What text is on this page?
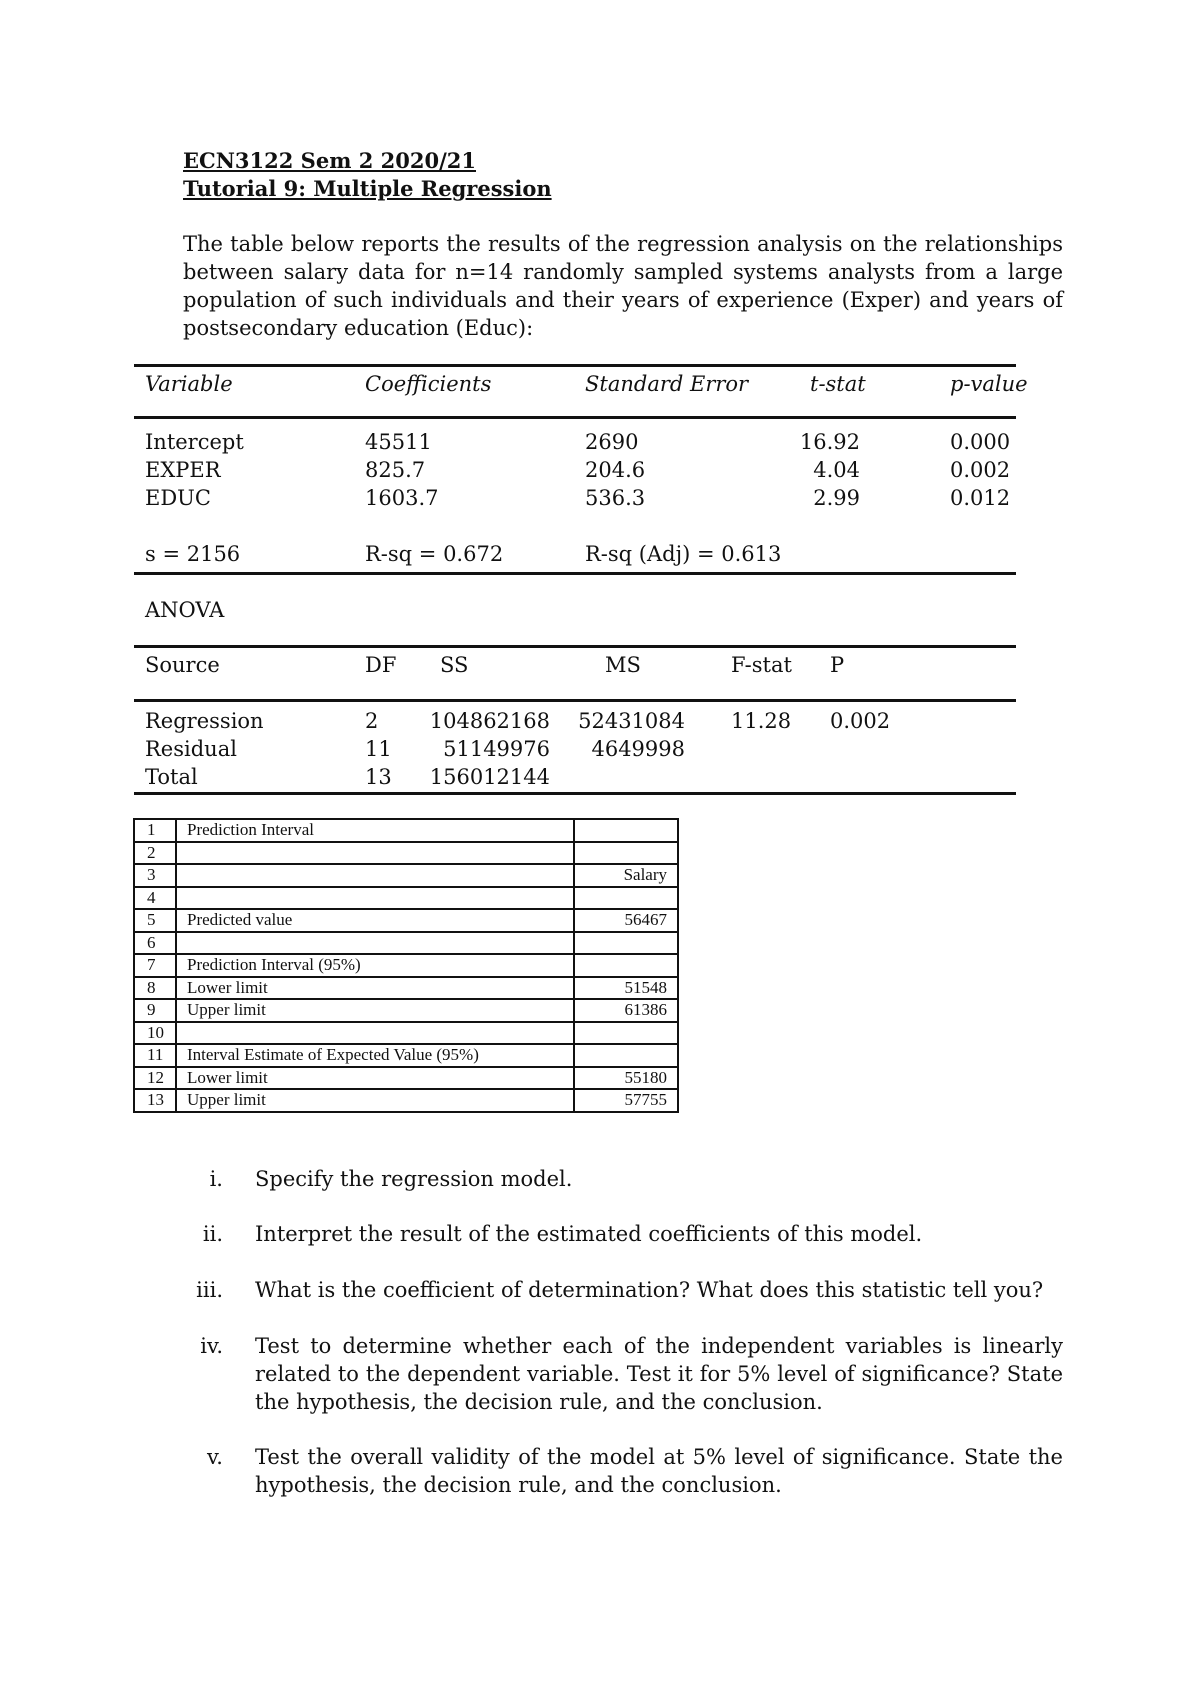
ECN3122 Sem 2 2020/21
Tutorial 9: Multiple Regression
The table below reports the results of the regression analysis on the relationships between salary data for n=14 randomly sampled systems analysts from a large population of such individuals and their years of experience (Exper) and years of postsecondary education (Educ):
Variable	Coefficients	Standard Error	t-stat	p-value
Intercept	45511	2690	16.92	0.000
EXPER	825.7	204.6	4.04	0.002
EDUC	1603.7	536.3	2.99	0.012
s = 2156	R-sq = 0.672	R-sq (Adj) = 0.613
ANOVA
Source	DF SS	MS	F-stat P
Regression	2	104862168	52431084 11.28 0.002
Residual	11	51149976	4649998
Total	13	156012144
1	Prediction Interval	
2		
3		Salary
4		
5	Predicted value	56467
6		
7	Prediction Interval (95%)	
8	Lower limit	51548
9	Upper limit	61386
10		
11	Interval Estimate of Expected Value (95%)	
12	Lower limit	55180
13	Upper limit	57755
i. Specify the regression model.
ii. Interpret the result of the estimated coefficients of this model.
iii. What is the coefficient of determination? What does this statistic tell you?
iv. Test to determine whether each of the independent variables is linearly related to the dependent variable. Test it for 5% level of significance? State the hypothesis, the decision rule, and the conclusion.
v. Test the overall validity of the model at 5% level of significance. State the hypothesis, the decision rule, and the conclusion.
